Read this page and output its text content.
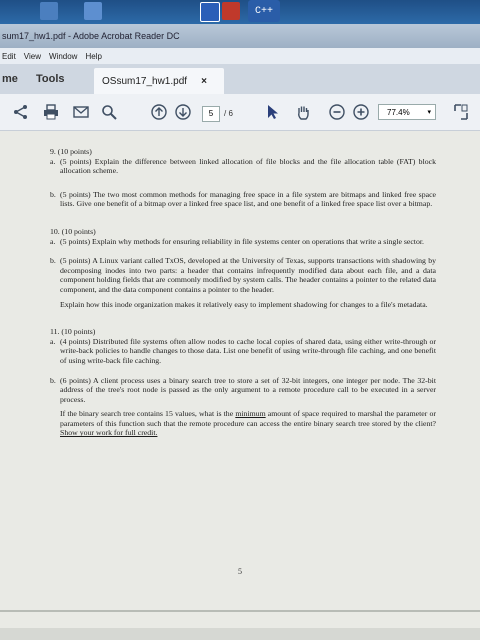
C++
sum17_hw1.pdf - Adobe Acrobat Reader DC
Edit View Window Help
me	Tools	OSsum17_hw1.pdf ×
5	/ 6	77.4%	▾

9. (10 points)

a. (5 points) Explain the difference between linked allocation of file blocks and the file allocation table (FAT) block allocation scheme.
b. (5 points) The two most common methods for managing free space in a file system are bitmaps and linked free space lists. Give one benefit of a bitmap over a linked free space list, and one benefit of a linked free space list over a bitmap.

10. (10 points)

a. (5 points) Explain why methods for ensuring reliability in file systems center on operations that write a single sector.
b. (5 points) A Linux variant called TxOS, developed at the University of Texas, supports transactions with shadowing by decomposing inodes into two parts: a header that contains infrequently modified data about each file, and a data component holding fields that are commonly modified by system calls. The header contains a pointer to the related data component, and the data component contains a pointer to the header.
Explain how this inode organization makes it relatively easy to implement shadowing for changes to a file's metadata.

11. (10 points)

a. (4 points) Distributed file systems often allow nodes to cache local copies of shared data, using either write-through or write-back policies to handle changes to those data. List one benefit of using write-through file caching, and one benefit of using write-back file caching.
b. (6 points) A client process uses a binary search tree to store a set of 32-bit integers, one integer per node. The 32-bit address of the tree's root node is passed as the only argument to a remote procedure call to be executed in a server process.
If the binary search tree contains 15 values, what is the minimum amount of space required to marshal the parameter or parameters of this function such that the remote procedure can access the entire binary search tree stored by the client? Show your work for full credit.
5
